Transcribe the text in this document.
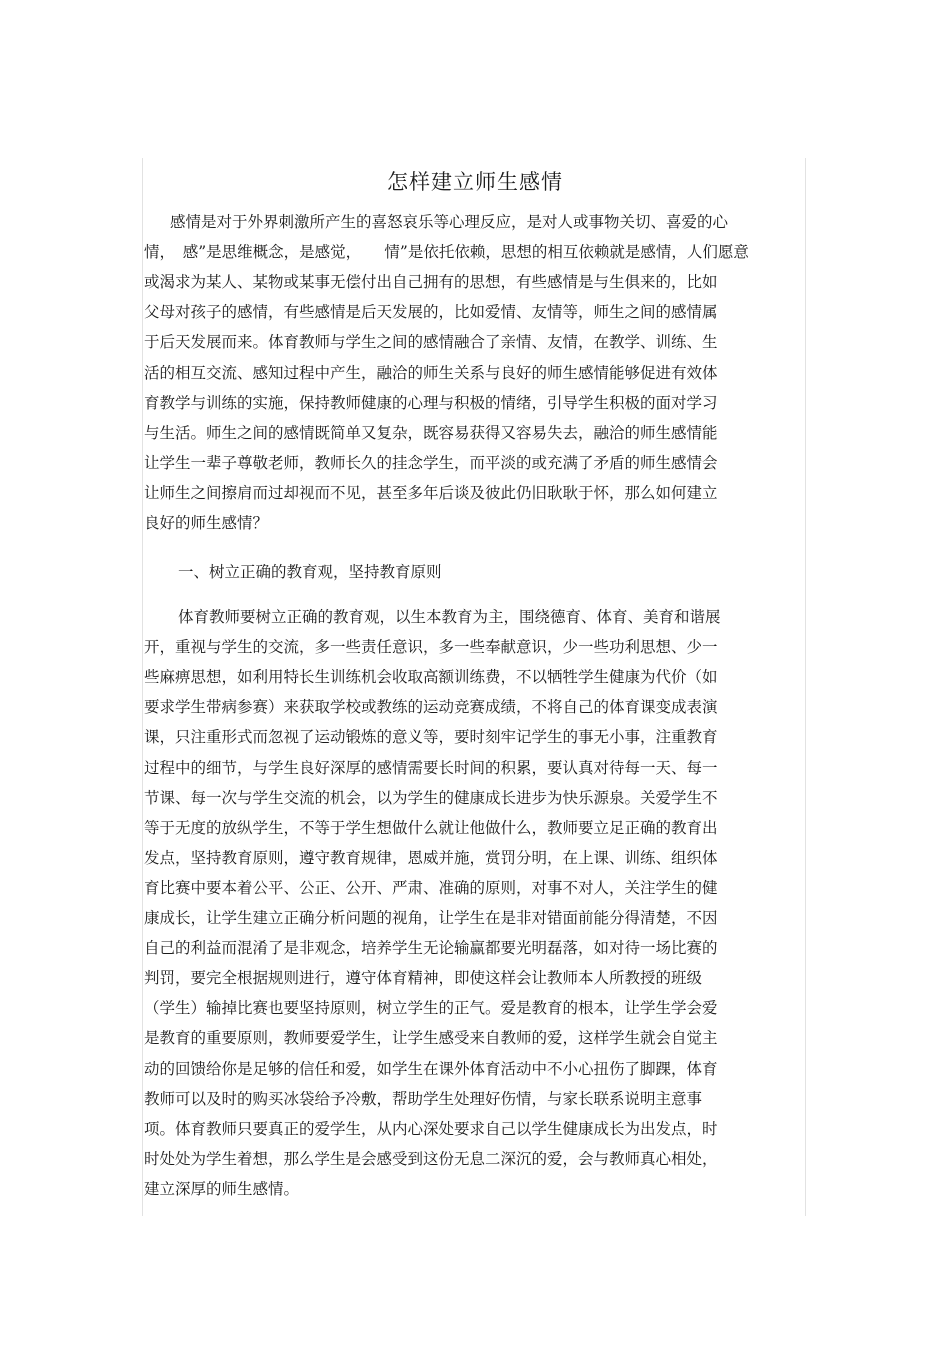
怎样建立师生感情
感情是对于外界刺激所产生的喜怒哀乐等心理反应，是对人或事物关切、喜爱的心
情，　感”是思维概念，是感觉，　　情”是依托依赖，思想的相互依赖就是感情，人们愿意
或渴求为某人、某物或某事无偿付出自己拥有的思想，有些感情是与生俱来的，比如
父母对孩子的感情，有些感情是后天发展的，比如爱情、友情等，师生之间的感情属
于后天发展而来。体育教师与学生之间的感情融合了亲情、友情，在教学、训练、生
活的相互交流、感知过程中产生，融洽的师生关系与良好的师生感情能够促进有效体
育教学与训练的实施，保持教师健康的心理与积极的情绪，引导学生积极的面对学习
与生活。师生之间的感情既简单又复杂，既容易获得又容易失去，融洽的师生感情能
让学生一辈子尊敬老师，教师长久的挂念学生，而平淡的或充满了矛盾的师生感情会
让师生之间擦肩而过却视而不见，甚至多年后谈及彼此仍旧耿耿于怀，那么如何建立
良好的师生感情？
一、树立正确的教育观，坚持教育原则
体育教师要树立正确的教育观，以生本教育为主，围绕德育、体育、美育和谐展
开，重视与学生的交流，多一些责任意识，多一些奉献意识，少一些功利思想、少一
些麻痹思想，如利用特长生训练机会收取高额训练费，不以牺牲学生健康为代价（如
要求学生带病参赛）来获取学校或教练的运动竞赛成绩，不将自己的体育课变成表演
课，只注重形式而忽视了运动锻炼的意义等，要时刻牢记学生的事无小事，注重教育
过程中的细节，与学生良好深厚的感情需要长时间的积累，要认真对待每一天、每一
节课、每一次与学生交流的机会，以为学生的健康成长进步为快乐源泉。关爱学生不
等于无度的放纵学生，不等于学生想做什么就让他做什么，教师要立足正确的教育出
发点，坚持教育原则，遵守教育规律，恩威并施，赏罚分明，在上课、训练、组织体
育比赛中要本着公平、公正、公开、严肃、准确的原则，对事不对人，关注学生的健
康成长，让学生建立正确分析问题的视角，让学生在是非对错面前能分得清楚，不因
自己的利益而混淆了是非观念，培养学生无论输赢都要光明磊落，如对待一场比赛的
判罚，要完全根据规则进行，遵守体育精神，即使这样会让教师本人所教授的班级
（学生）输掉比赛也要坚持原则，树立学生的正气。爱是教育的根本，让学生学会爱
是教育的重要原则，教师要爱学生，让学生感受来自教师的爱，这样学生就会自觉主
动的回馈给你是足够的信任和爱，如学生在课外体育活动中不小心扭伤了脚踝，体育
教师可以及时的购买冰袋给予冷敷，帮助学生处理好伤情，与家长联系说明主意事
项。体育教师只要真正的爱学生，从内心深处要求自己以学生健康成长为出发点，时
时处处为学生着想，那么学生是会感受到这份无息二深沉的爱，会与教师真心相处，
建立深厚的师生感情。
